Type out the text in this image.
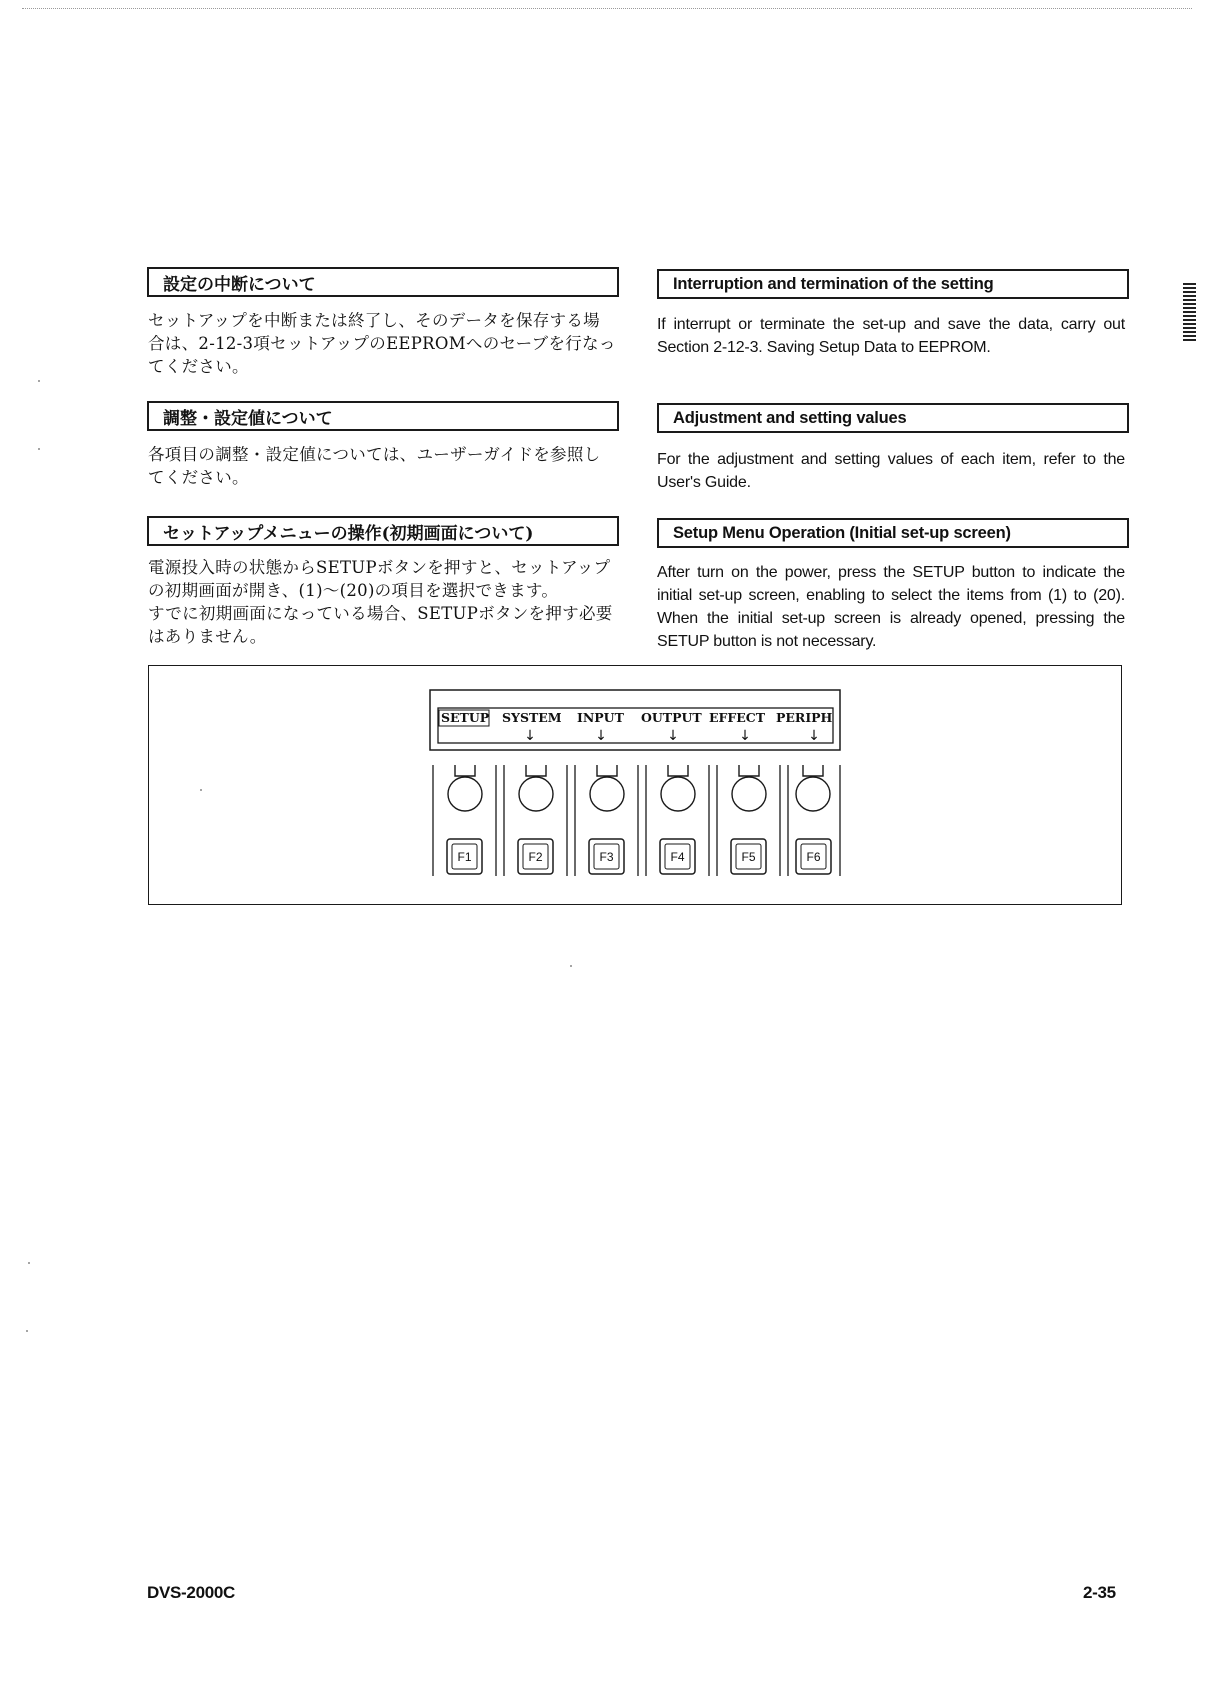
設定の中断について	Interruption and termination of the setting

セットアップを中断または終了し、そのデータを保存する場
合は、2-12-3項セットアップのEEPROMへのセーブを行なっ
てください。

If interrupt or terminate the set-up and save the data, carry out Section 2-12-3. Saving Setup Data to EEPROM.

調整・設定値について	Adjustment and setting values

各項目の調整・設定値については、ユーザーガイドを参照し
てください。

For the adjustment and setting values of each item, refer to the User's Guide.

セットアップメニューの操作(初期画面について)	Setup Menu Operation (Initial set-up screen)

電源投入時の状態からSETUPボタンを押すと、セットアップ
の初期画面が開き、(1)〜(20)の項目を選択できます。
すでに初期画面になっている場合、SETUPボタンを押す必要
はありません。

After turn on the power, press the SETUP button to indicate the initial set-up screen, enabling to select the items from (1) to (20). When the initial set-up screen is already opened, pressing the SETUP button is not necessary.

SETUP SYSTEM INPUT OUTPUT EFFECT PERIPH
↓	↓	↓	↓	↓
F1	F2	F3	F4	F5	F6
DVS-2000C	2-35
